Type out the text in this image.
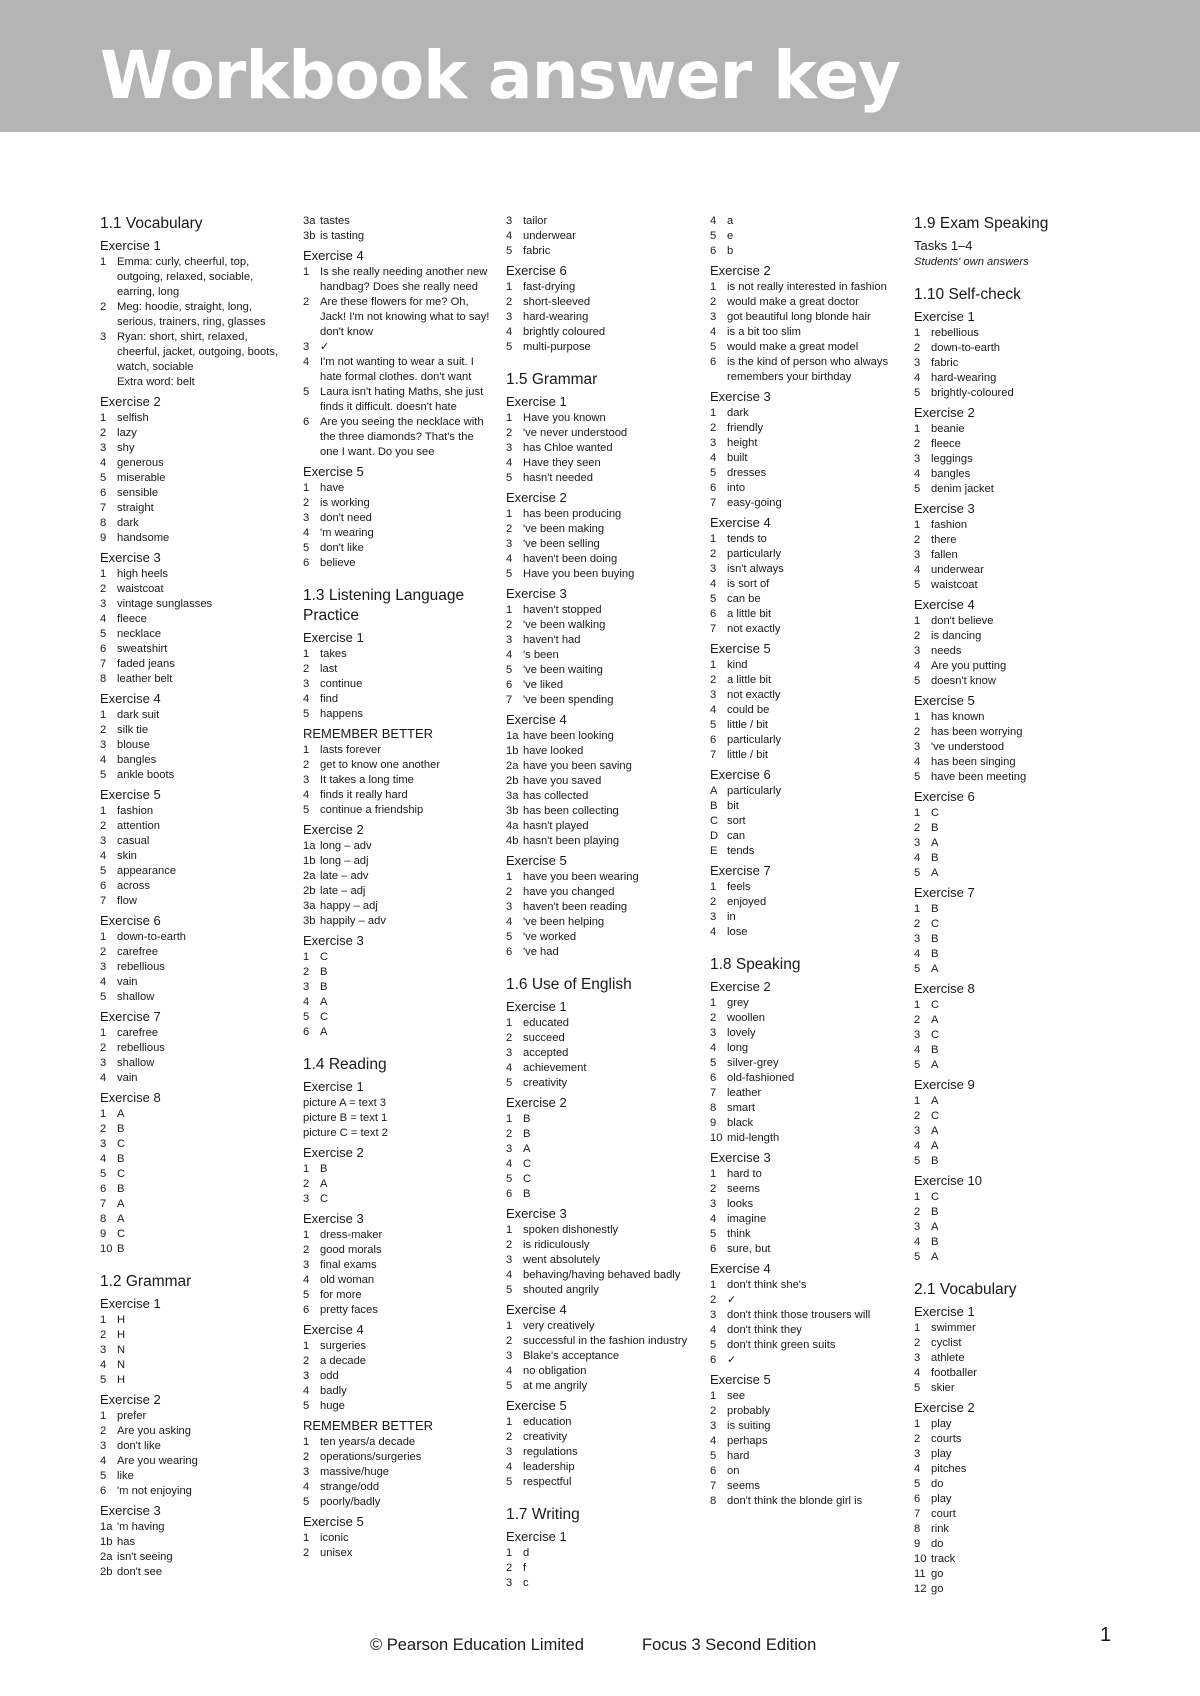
Workbook answer key
1.1 Vocabulary
Exercise 1
1 Emma: curly, cheerful, top, outgoing, relaxed, sociable, earring, long
2 Meg: hoodie, straight, long, serious, trainers, ring, glasses
3 Ryan: short, shirt, relaxed, cheerful, jacket, outgoing, boots, watch, sociable
Extra word: belt
Exercise 2
1 selfish
2 lazy
3 shy
4 generous
5 miserable
6 sensible
7 straight
8 dark
9 handsome
Exercise 3
1 high heels
2 waistcoat
3 vintage sunglasses
4 fleece
5 necklace
6 sweatshirt
7 faded jeans
8 leather belt
Exercise 4
1 dark suit
2 silk tie
3 blouse
4 bangles
5 ankle boots
Exercise 5
1 fashion
2 attention
3 casual
4 skin
5 appearance
6 across
7 flow
Exercise 6
1 down-to-earth
2 carefree
3 rebellious
4 vain
5 shallow
Exercise 7
1 carefree
2 rebellious
3 shallow
4 vain
Exercise 8
1 A
2 B
3 C
4 B
5 C
6 B
7 A
8 A
9 C
10 B
1.2 Grammar
Exercise 1
1 H
2 H
3 N
4 N
5 H
Exercise 2
1 prefer
2 Are you asking
3 don't like
4 Are you wearing
5 like
6 'm not enjoying
Exercise 3
1a 'm having
1b has
2a isn't seeing
2b don't see
3a tastes
3b is tasting
Exercise 4
1 Is she really needing another new handbag? Does she really need
2 Are these flowers for me? Oh, Jack! I'm not knowing what to say! don't know
3 ✓
4 I'm not wanting to wear a suit. I hate formal clothes. don't want
5 Laura isn't hating Maths, she just finds it difficult. doesn't hate
6 Are you seeing the necklace with the three diamonds? That's the one I want. Do you see
Exercise 5
1 have
2 is working
3 don't need
4 'm wearing
5 don't like
6 believe
1.3 Listening Language Practice
Exercise 1
1 takes
2 last
3 continue
4 find
5 happens
REMEMBER BETTER
1 lasts forever
2 get to know one another
3 It takes a long time
4 finds it really hard
5 continue a friendship
Exercise 2
1a long – adv
1b long – adj
2a late – adv
2b late – adj
3a happy – adj
3b happily – adv
Exercise 3
1 C
2 B
3 B
4 A
5 C
6 A
1.4 Reading
Exercise 1
picture A = text 3
picture B = text 1
picture C = text 2
Exercise 2
1 B
2 A
3 C
Exercise 3
1 dress-maker
2 good morals
3 final exams
4 old woman
5 for more
6 pretty faces
Exercise 4
1 surgeries
2 a decade
3 odd
4 badly
5 huge
REMEMBER BETTER
1 ten years/a decade
2 operations/surgeries
3 massive/huge
4 strange/odd
5 poorly/badly
Exercise 5
1 iconic
2 unisex
3 tailor
4 underwear
5 fabric
Exercise 6
1 fast-drying
2 short-sleeved
3 hard-wearing
4 brightly coloured
5 multi-purpose
1.5 Grammar
Exercise 1
1 Have you known
2 've never understood
3 has Chloe wanted
4 Have they seen
5 hasn't needed
Exercise 2
1 has been producing
2 've been making
3 've been selling
4 haven't been doing
5 Have you been buying
Exercise 3
1 haven't stopped
2 've been walking
3 haven't had
4 's been
5 've been waiting
6 've liked
7 've been spending
Exercise 4
1a have been looking
1b have looked
2a have you been saving
2b have you saved
3a has collected
3b has been collecting
4a hasn't played
4b hasn't been playing
Exercise 5
1 have you been wearing
2 have you changed
3 haven't been reading
4 've been helping
5 've worked
6 've had
1.6 Use of English
Exercise 1
1 educated
2 succeed
3 accepted
4 achievement
5 creativity
Exercise 2
1 B
2 B
3 A
4 C
5 C
6 B
Exercise 3
1 spoken dishonestly
2 is ridiculously
3 went absolutely
4 behaving/having behaved badly
5 shouted angrily
Exercise 4
1 very creatively
2 successful in the fashion industry
3 Blake's acceptance
4 no obligation
5 at me angrily
Exercise 5
1 education
2 creativity
3 regulations
4 leadership
5 respectful
1.7 Writing
Exercise 1
1 d
2 f
3 c
4 a
5 e
6 b
Exercise 2
1 is not really interested in fashion
2 would make a great doctor
3 got beautiful long blonde hair
4 is a bit too slim
5 would make a great model
6 is the kind of person who always remembers your birthday
Exercise 3
1 dark
2 friendly
3 height
4 built
5 dresses
6 into
7 easy-going
Exercise 4
1 tends to
2 particularly
3 isn't always
4 is sort of
5 can be
6 a little bit
7 not exactly
Exercise 5
1 kind
2 a little bit
3 not exactly
4 could be
5 little / bit
6 particularly
7 little / bit
Exercise 6
A particularly
B bit
C sort
D can
E tends
Exercise 7
1 feels
2 enjoyed
3 in
4 lose
1.8 Speaking
Exercise 2
1 grey
2 woollen
3 lovely
4 long
5 silver-grey
6 old-fashioned
7 leather
8 smart
9 black
10 mid-length
Exercise 3
1 hard to
2 seems
3 looks
4 imagine
5 think
6 sure, but
Exercise 4
1 don't think she's
2 ✓
3 don't think those trousers will
4 don't think they
5 don't think green suits
6 ✓
Exercise 5
1 see
2 probably
3 is suiting
4 perhaps
5 hard
6 on
7 seems
8 don't think the blonde girl is
1.9 Exam Speaking
Tasks 1–4
Students' own answers
1.10 Self-check
Exercise 1
1 rebellious
2 down-to-earth
3 fabric
4 hard-wearing
5 brightly-coloured
Exercise 2
1 beanie
2 fleece
3 leggings
4 bangles
5 denim jacket
Exercise 3
1 fashion
2 there
3 fallen
4 underwear
5 waistcoat
Exercise 4
1 don't believe
2 is dancing
3 needs
4 Are you putting
5 doesn't know
Exercise 5
1 has known
2 has been worrying
3 've understood
4 has been singing
5 have been meeting
Exercise 6
1 C
2 B
3 A
4 B
5 A
Exercise 7
1 B
2 C
3 B
4 B
5 A
Exercise 8
1 C
2 A
3 C
4 B
5 A
Exercise 9
1 A
2 C
3 A
4 A
5 B
Exercise 10
1 C
2 B
3 A
4 B
5 A
2.1 Vocabulary
Exercise 1
1 swimmer
2 cyclist
3 athlete
4 footballer
5 skier
Exercise 2
1 play
2 courts
3 play
4 pitches
5 do
6 play
7 court
8 rink
9 do
10 track
11 go
12 go
© Pearson Education Limited	Focus 3 Second Edition	1
